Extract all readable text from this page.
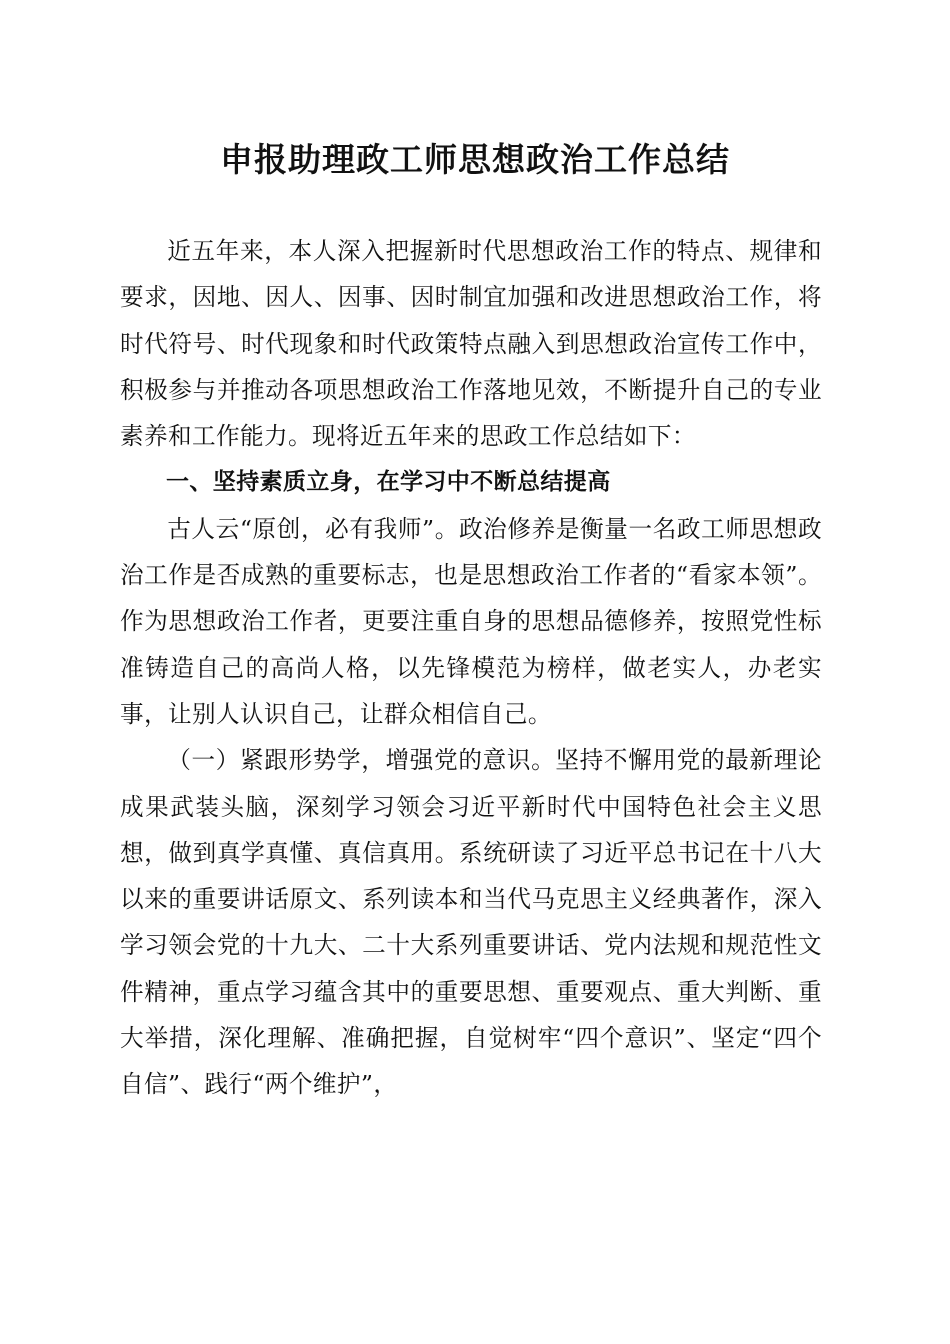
申报助理政工师思想政治工作总结

近五年来，本人深入把握新时代思想政治工作的特点、规律和要求，因地、因人、因事、因时制宜加强和改进思想政治工作，将时代符号、时代现象和时代政策特点融入到思想政治宣传工作中，积极参与并推动各项思想政治工作落地见效，不断提升自己的专业素养和工作能力。现将近五年来的思政工作总结如下：

一、坚持素质立身，在学习中不断总结提高

古人云“原创，必有我师”。政治修养是衡量一名政工师思想政治工作是否成熟的重要标志，也是思想政治工作者的“看家本领”。作为思想政治工作者，更要注重自身的思想品德修养，按照党性标准铸造自己的高尚人格，以先锋模范为榜样，做老实人，办老实事，让别人认识自己，让群众相信自己。

（一）紧跟形势学，增强党的意识。坚持不懈用党的最新理论成果武装头脑，深刻学习领会习近平新时代中国特色社会主义思想，做到真学真懂、真信真用。系统研读了习近平总书记在十八大以来的重要讲话原文、系列读本和当代马克思主义经典著作，深入学习领会党的十九大、二十大系列重要讲话、党内法规和规范性文件精神，重点学习蕴含其中的重要思想、重要观点、重大判断、重大举措，深化理解、准确把握，自觉树牢“四个意识”、坚定“四个自信”、践行“两个维护”，
